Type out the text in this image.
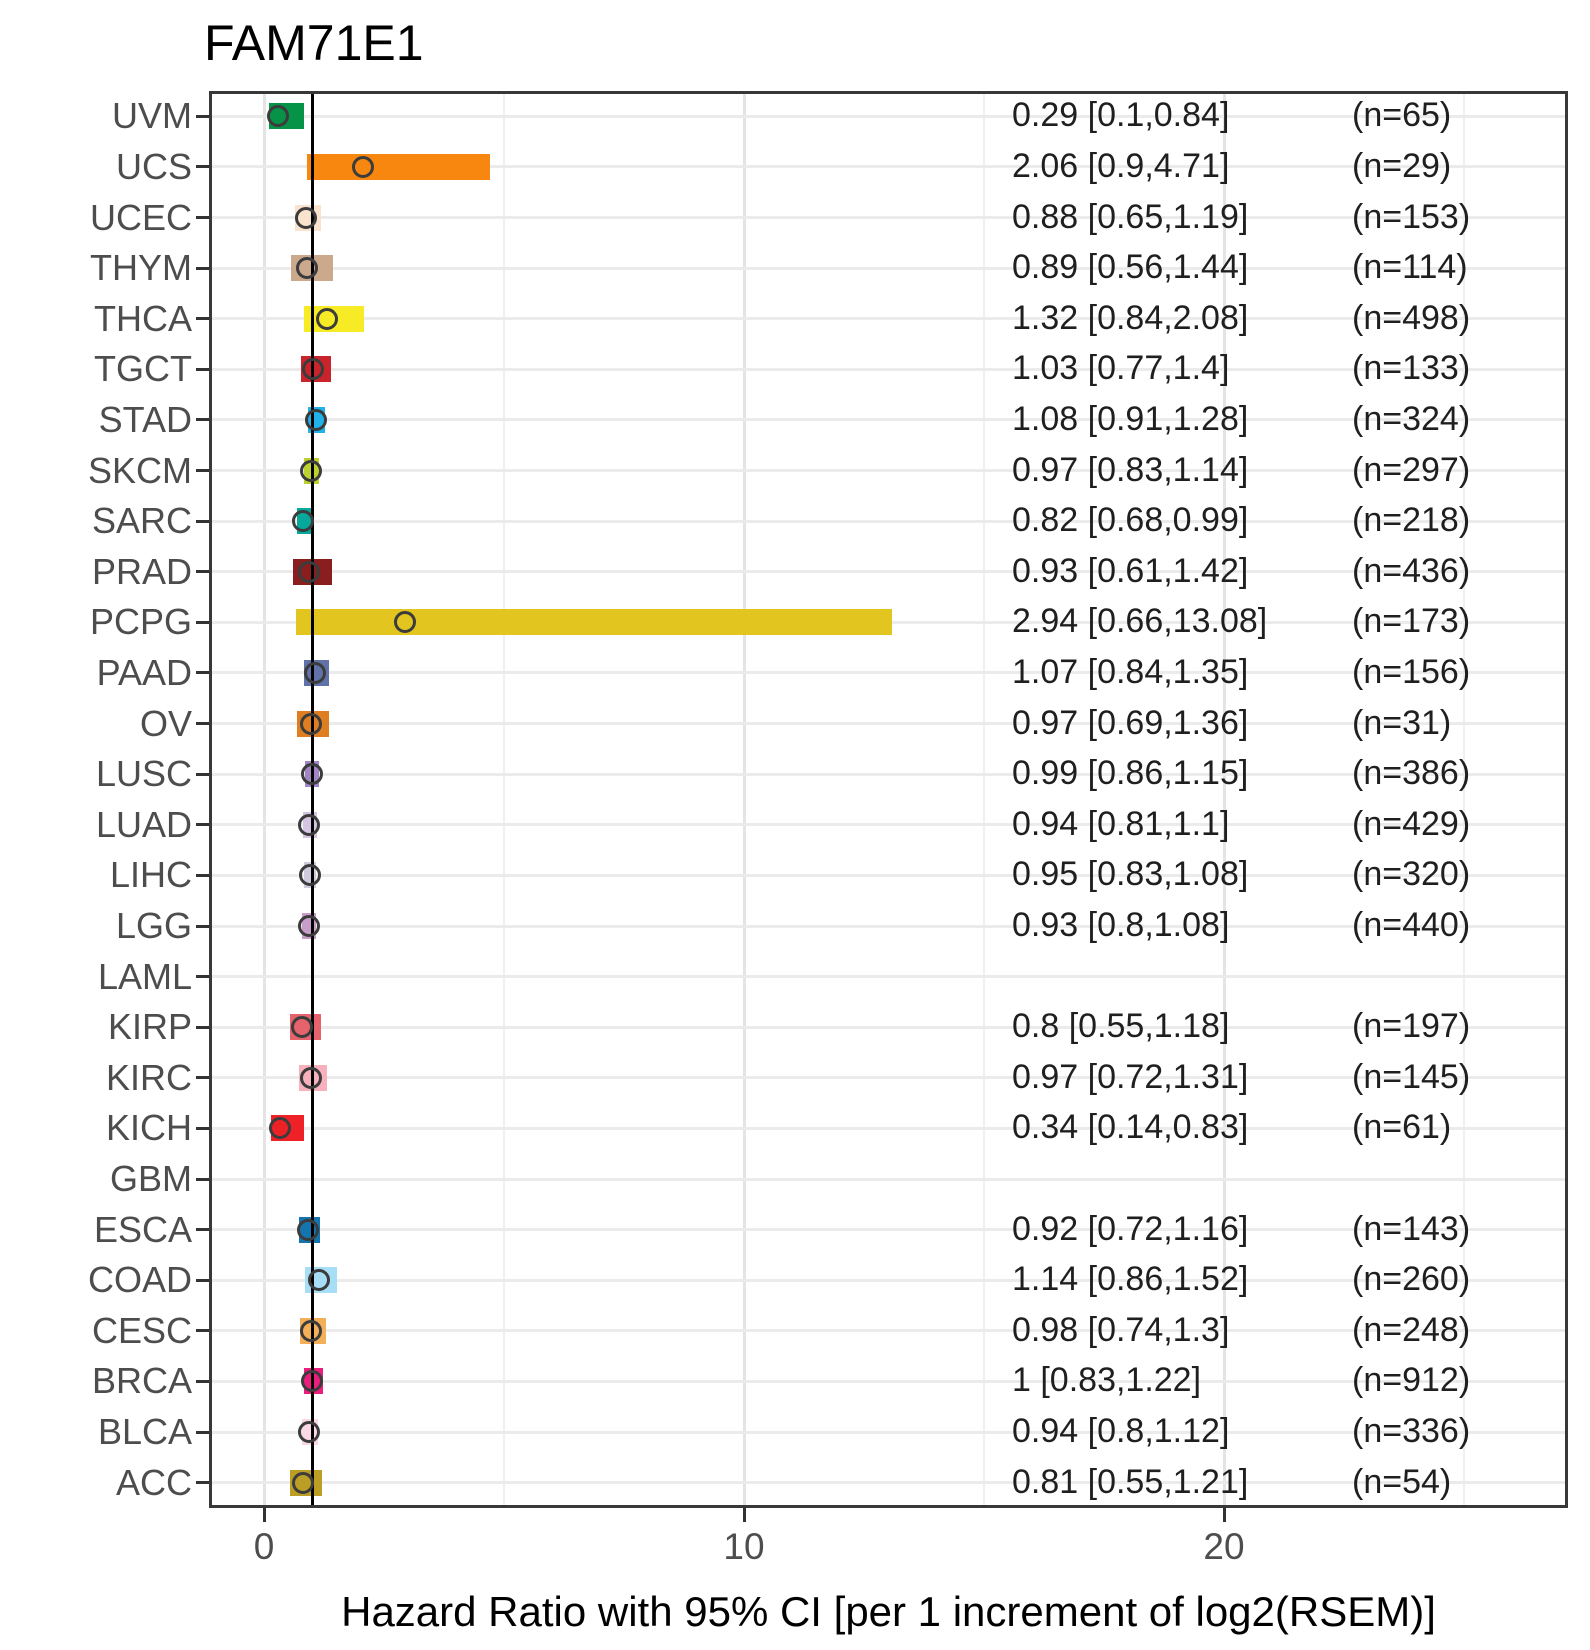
FAM71E1
UVM	0.29 [0.1,0.84]	(n=65)
UCS	2.06 [0.9,4.71]	(n=29)
UCEC	0.88 [0.65,1.19]	(n=153)
THYM	0.89 [0.56,1.44]	(n=114)
THCA	1.32 [0.84,2.08]	(n=498)
TGCT	1.03 [0.77,1.4]	(n=133)
STAD	1.08 [0.91,1.28]	(n=324)
SKCM	0.97 [0.83,1.14]	(n=297)
SARC	0.82 [0.68,0.99]	(n=218)
PRAD	0.93 [0.61,1.42]	(n=436)
PCPG	2.94 [0.66,13.08] (n=173)
PAAD	1.07 [0.84,1.35]	(n=156)
OV	0.97 [0.69,1.36]	(n=31)
LUSC	0.99 [0.86,1.15]	(n=386)
LUAD	0.94 [0.81,1.1]	(n=429)
LIHC	0.95 [0.83,1.08]	(n=320)
LGG	0.93 [0.8,1.08]	(n=440)
LAML
KIRP	0.8 [0.55,1.18]	(n=197)
KIRC	0.97 [0.72,1.31]	(n=145)
KICH	0.34 [0.14,0.83]	(n=61)
GBM
ESCA	0.92 [0.72,1.16]	(n=143)
COAD	1.14 [0.86,1.52]	(n=260)
CESC	0.98 [0.74,1.3]	(n=248)
BRCA	1 [0.83,1.22]	(n=912)
BLCA	0.94 [0.8,1.12]	(n=336)
ACC	0.81 [0.55,1.21]	(n=54)
0	10	20
Hazard Ratio with 95% CI [per 1 increment of log2(RSEM)]
